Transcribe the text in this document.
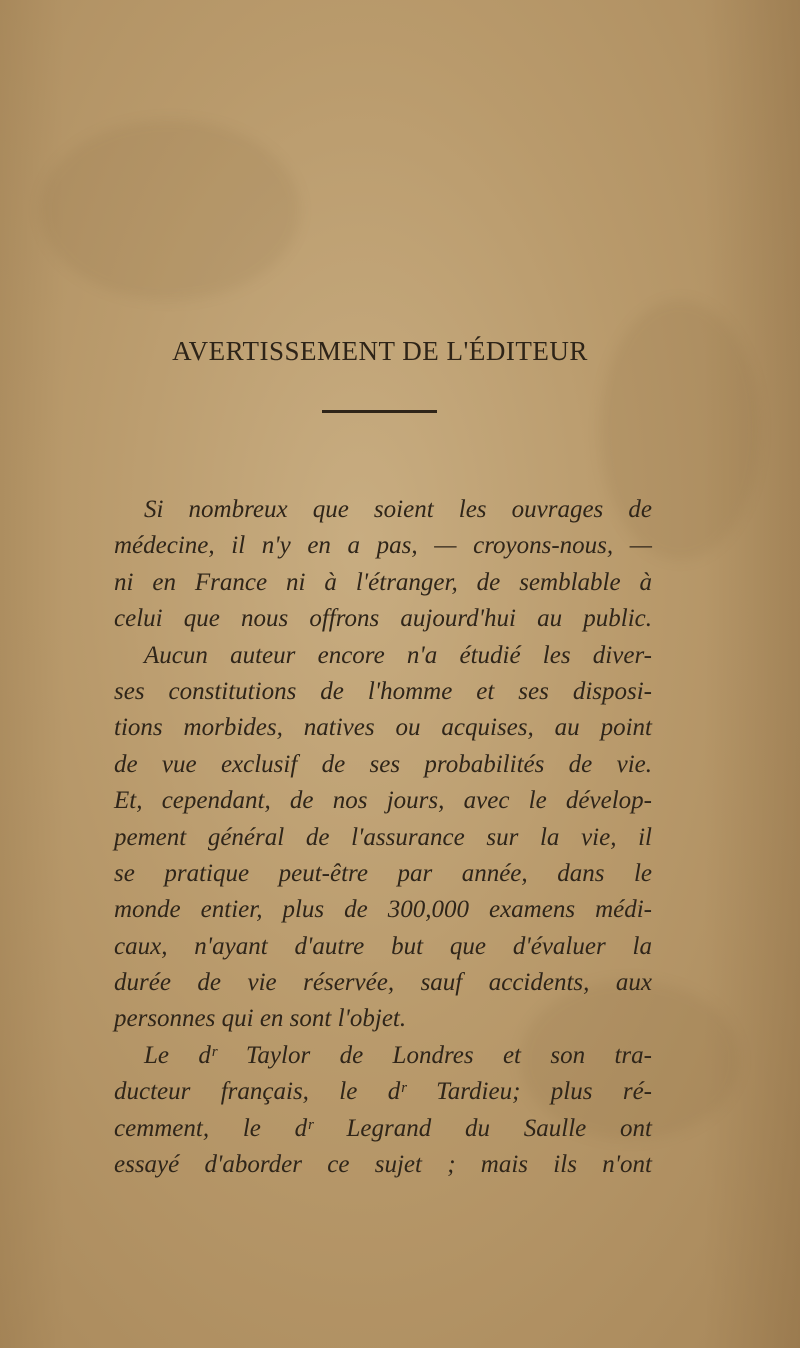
AVERTISSEMENT DE L'ÉDITEUR
Si nombreux que soient les ouvrages de
médecine, il n'y en a pas, — croyons-nous, —
ni en France ni à l'étranger, de semblable à
celui que nous offrons aujourd'hui au public.
Aucun auteur encore n'a étudié les diver-
ses constitutions de l'homme et ses disposi-
tions morbides, natives ou acquises, au point
de vue exclusif de ses probabilités de vie.
Et, cependant, de nos jours, avec le dévelop-
pement général de l'assurance sur la vie, il
se pratique peut-être par année, dans le
monde entier, plus de 300,000 examens médi-
caux, n'ayant d'autre but que d'évaluer la
durée de vie réservée, sauf accidents, aux
personnes qui en sont l'objet.
Le dʳ Taylor de Londres et son tra-
ducteur français, le dʳ Tardieu; plus ré-
cemment, le dʳ Legrand du Saulle ont
essayé d'aborder ce sujet ; mais ils n'ont
